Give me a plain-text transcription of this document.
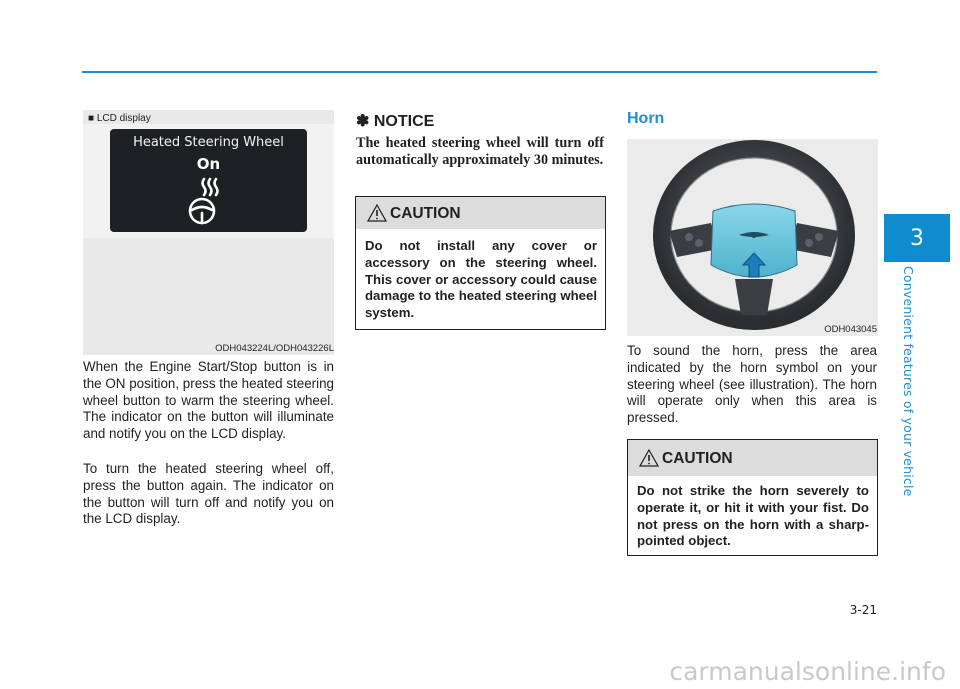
3
Convenient features of your vehicle
■ LCD display
Heated Steering Wheel
On
ODH043224L/ODH043226L

When the Engine Start/Stop button is in the ON position, press the heated steering wheel button to warm the steering wheel. The indicator on the button will illuminate and notify you on the LCD display.

To turn the heated steering wheel off, press the button again. The indicator on the button will turn off and notify you on the LCD display.

✽ NOTICE

The heated steering wheel will turn off automatically approximately 30 minutes.

CAUTION

Do not install any cover or accessory on the steering wheel. This cover or accessory could cause damage to the heated steering wheel system.

Horn
ODH043045

To sound the horn, press the area indicated by the horn symbol on your steering wheel (see illustration). The horn will operate only when this area is pressed.

CAUTION

Do not strike the horn severely to operate it, or hit it with your fist. Do not press on the horn with a sharp-pointed object.

3-21
carmanualsonline.info
